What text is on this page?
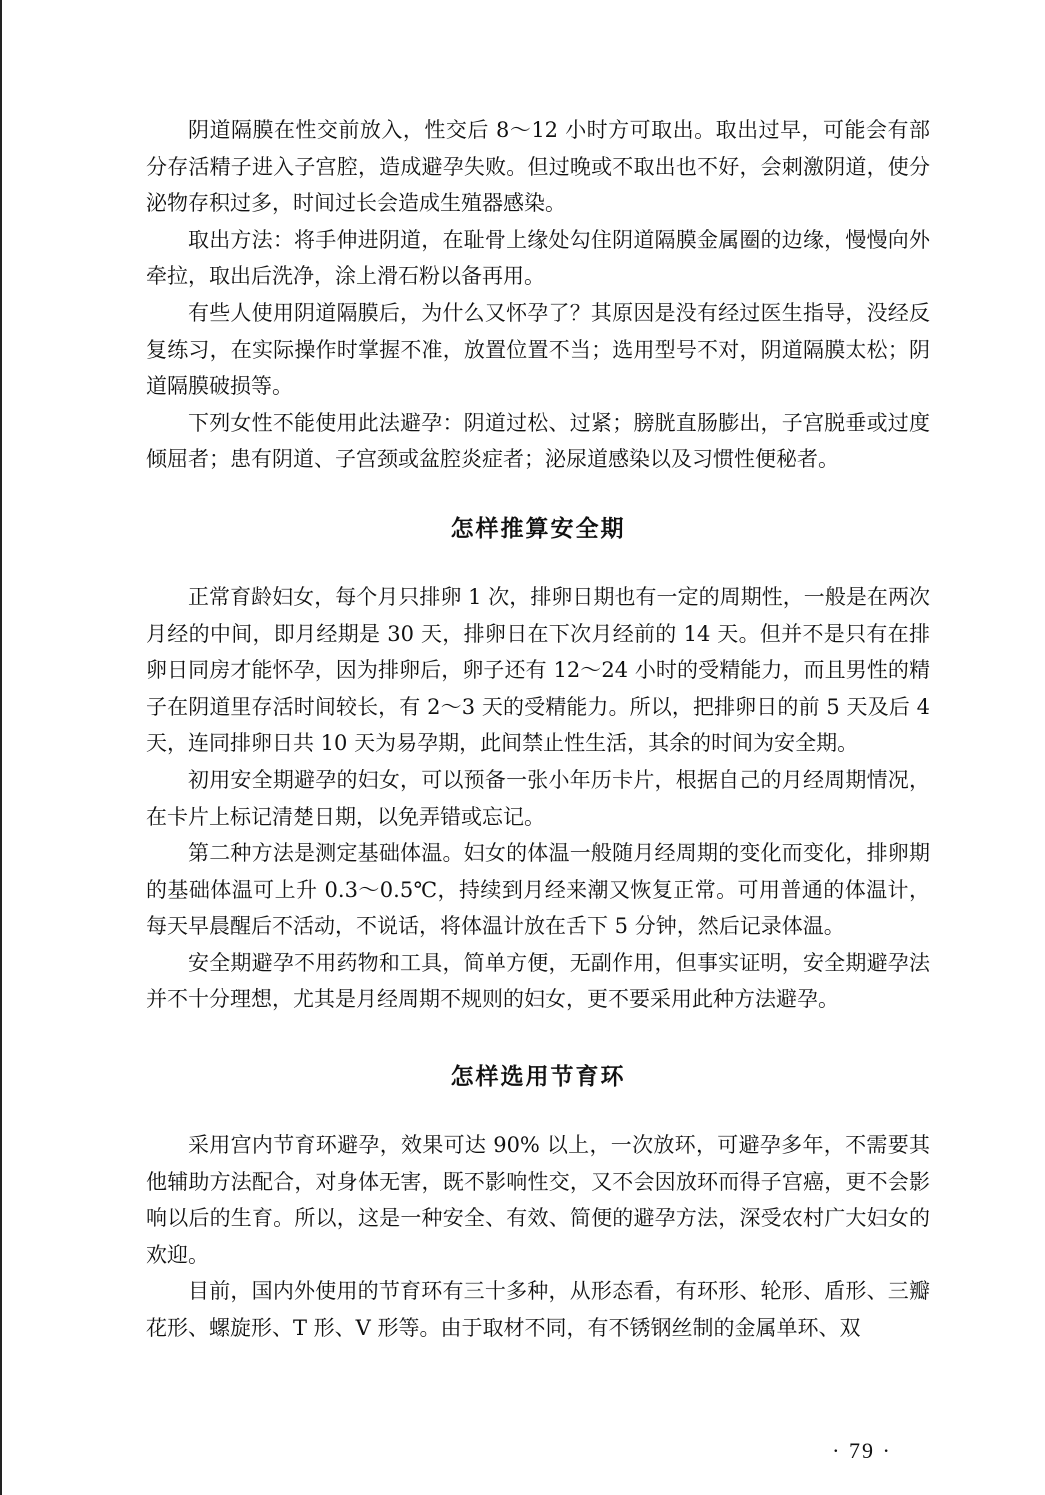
阴道隔膜在性交前放入，性交后 8～12 小时方可取出。取出过早，可能会有部分存活精子进入子宫腔，造成避孕失败。但过晚或不取出也不好，会刺激阴道，使分泌物存积过多，时间过长会造成生殖器感染。

取出方法：将手伸进阴道，在耻骨上缘处勾住阴道隔膜金属圈的边缘，慢慢向外牵拉，取出后洗净，涂上滑石粉以备再用。

有些人使用阴道隔膜后，为什么又怀孕了？其原因是没有经过医生指导，没经反复练习，在实际操作时掌握不准，放置位置不当；选用型号不对，阴道隔膜太松；阴道隔膜破损等。

下列女性不能使用此法避孕：阴道过松、过紧；膀胱直肠膨出，子宫脱垂或过度倾屈者；患有阴道、子宫颈或盆腔炎症者；泌尿道感染以及习惯性便秘者。

怎样推算安全期

正常育龄妇女，每个月只排卵 1 次，排卵日期也有一定的周期性，一般是在两次月经的中间，即月经期是 30 天，排卵日在下次月经前的 14 天。但并不是只有在排卵日同房才能怀孕，因为排卵后，卵子还有 12～24 小时的受精能力，而且男性的精子在阴道里存活时间较长，有 2～3 天的受精能力。所以，把排卵日的前 5 天及后 4 天，连同排卵日共 10 天为易孕期，此间禁止性生活，其余的时间为安全期。

初用安全期避孕的妇女，可以预备一张小年历卡片，根据自己的月经周期情况，在卡片上标记清楚日期，以免弄错或忘记。

第二种方法是测定基础体温。妇女的体温一般随月经周期的变化而变化，排卵期的基础体温可上升 0.3～0.5℃，持续到月经来潮又恢复正常。可用普通的体温计，每天早晨醒后不活动，不说话，将体温计放在舌下 5 分钟，然后记录体温。

安全期避孕不用药物和工具，简单方便，无副作用，但事实证明，安全期避孕法并不十分理想，尤其是月经周期不规则的妇女，更不要采用此种方法避孕。

怎样选用节育环

采用宫内节育环避孕，效果可达 90% 以上，一次放环，可避孕多年，不需要其他辅助方法配合，对身体无害，既不影响性交，又不会因放环而得子宫癌，更不会影响以后的生育。所以，这是一种安全、有效、简便的避孕方法，深受农村广大妇女的欢迎。

目前，国内外使用的节育环有三十多种，从形态看，有环形、轮形、盾形、三瓣花形、螺旋形、T 形、V 形等。由于取材不同，有不锈钢丝制的金属单环、双

· 79 ·
